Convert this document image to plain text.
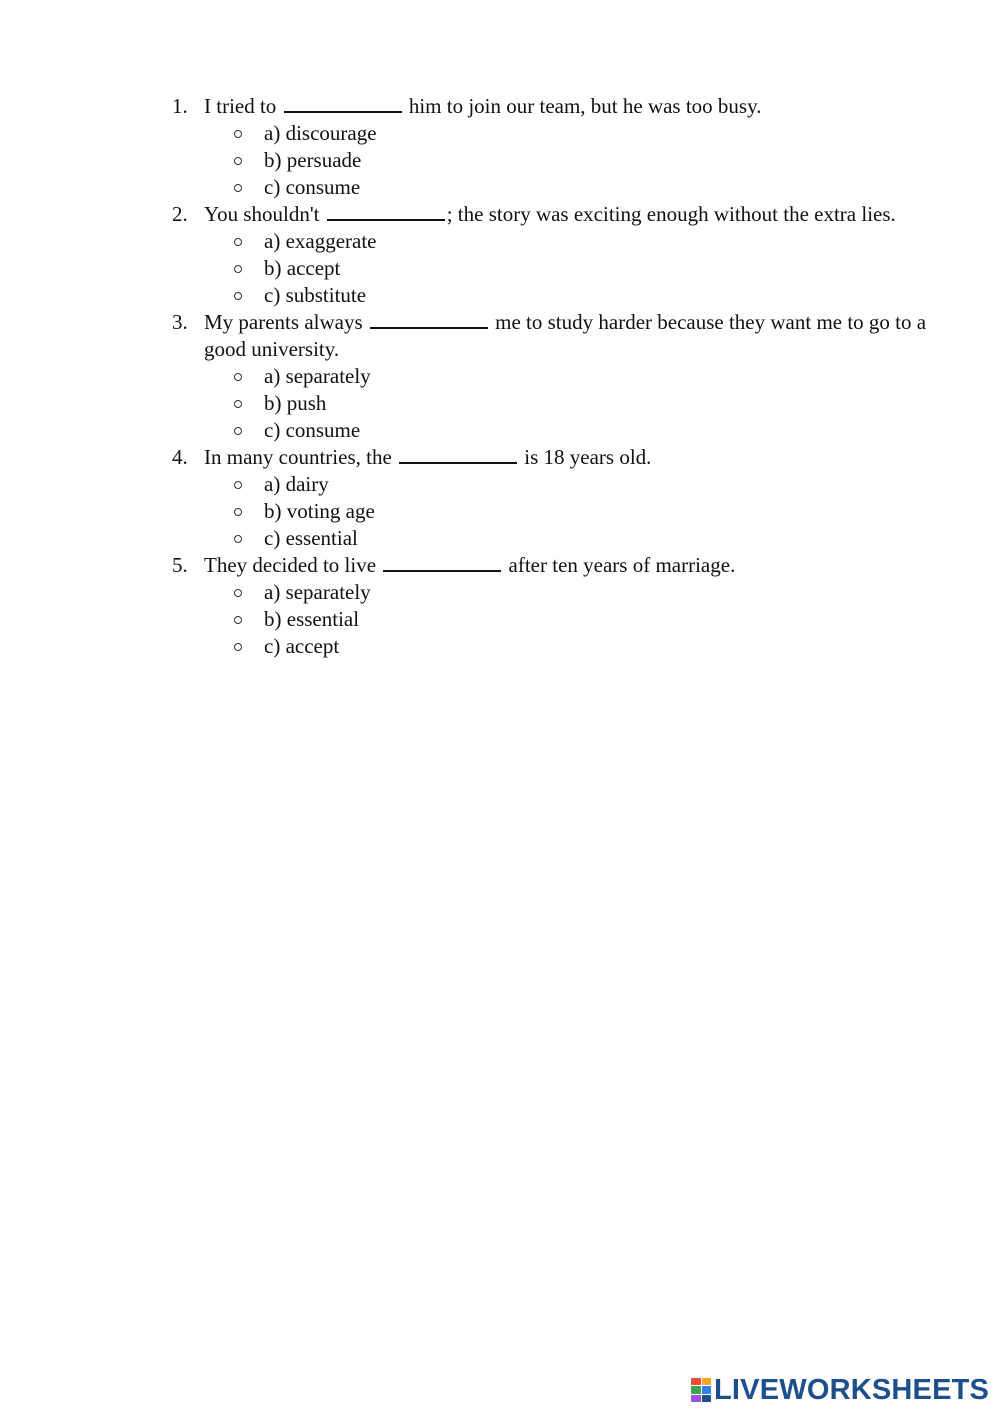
1. I tried to	him to join our team, but he was too busy.
a) discourage
b) persuade
c) consume
2. You shouldn't	; the story was exciting enough without the extra lies.
a) exaggerate
b) accept
c) substitute
3. My parents always	me to study harder because they want me to go to a good university.
a) separately
b) push
c) consume
4. In many countries, the	is 18 years old.
a) dairy
b) voting age
c) essential
5. They decided to live	after ten years of marriage.
a) separately
b) essential
c) accept
LIVEWORKSHEETS
